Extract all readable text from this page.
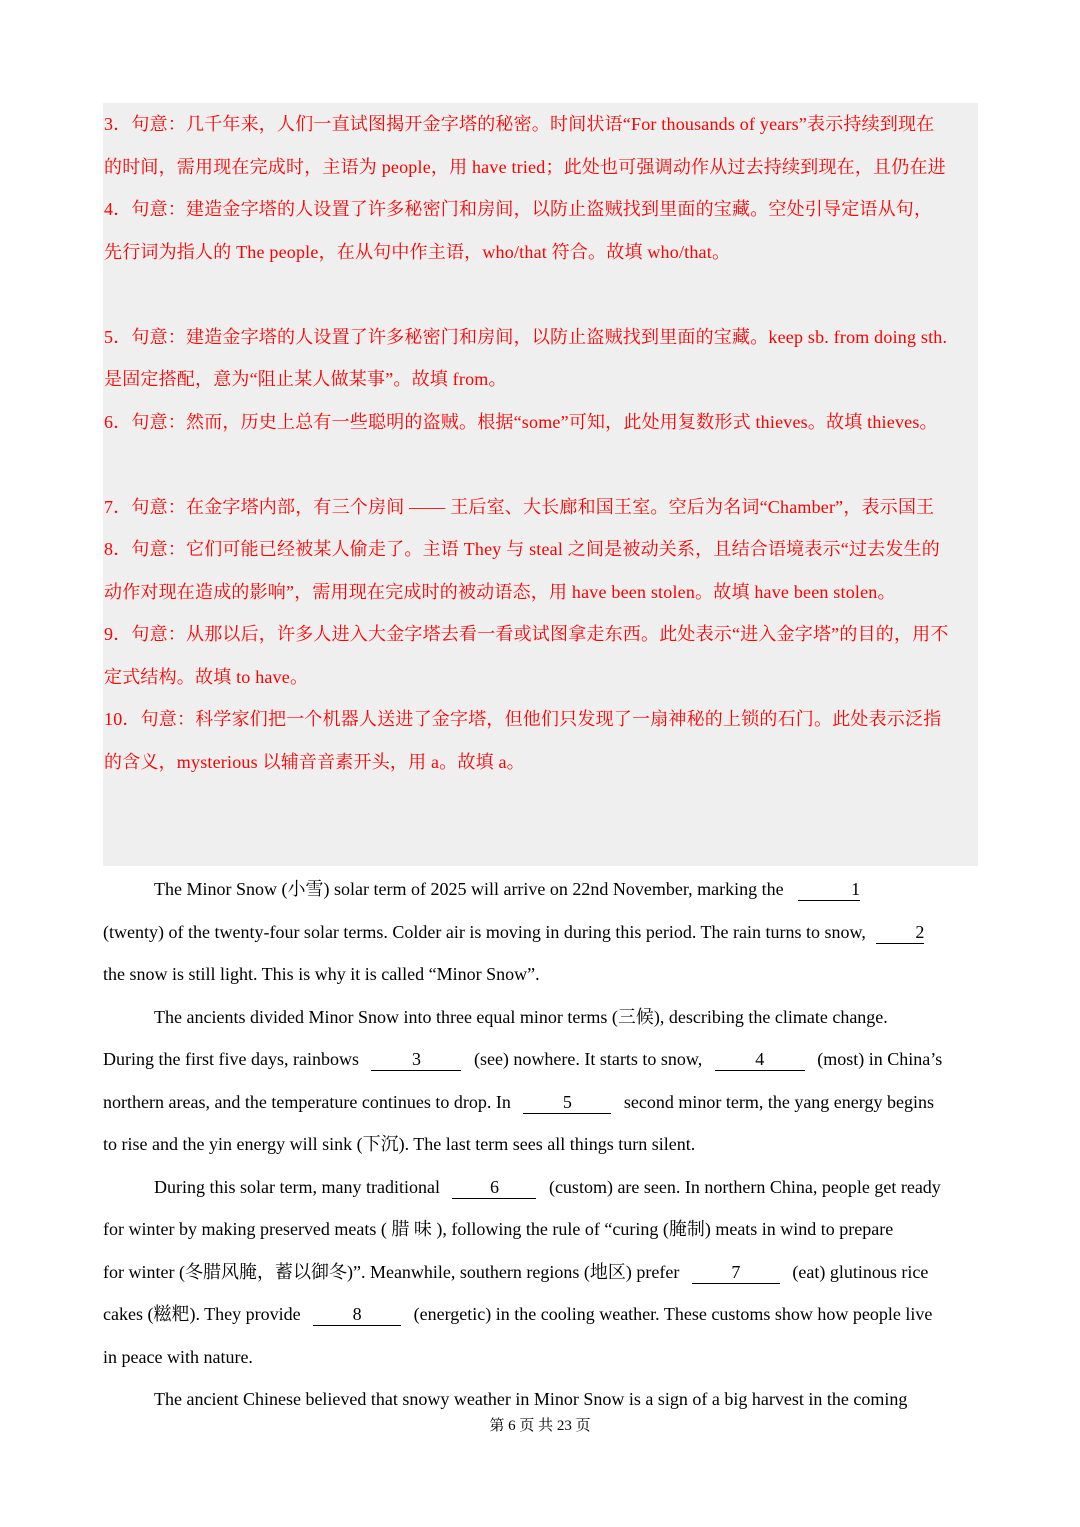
3．句意：几千年来，人们一直试图揭开金字塔的秘密。时间状语“For thousands of years”表示持续到现在
的时间，需用现在完成时，主语为 people，用 have tried；此处也可强调动作从过去持续到现在，且仍在进
4．句意：建造金字塔的人设置了许多秘密门和房间，以防止盗贼找到里面的宝藏。空处引导定语从句，
先行词为指人的 The people，在从句中作主语，who/that 符合。故填 who/that。
5．句意：建造金字塔的人设置了许多秘密门和房间，以防止盗贼找到里面的宝藏。keep sb. from doing sth.
是固定搭配，意为“阻止某人做某事”。故填 from。
6．句意：然而，历史上总有一些聪明的盗贼。根据“some”可知，此处用复数形式 thieves。故填 thieves。
7．句意：在金字塔内部，有三个房间 —— 王后室、大长廊和国王室。空后为名词“Chamber”，表示国王
8．句意：它们可能已经被某人偷走了。主语 They 与 steal 之间是被动关系，且结合语境表示“过去发生的
动作对现在造成的影响”，需用现在完成时的被动语态，用 have been stolen。故填 have been stolen。
9．句意：从那以后，许多人进入大金字塔去看一看或试图拿走东西。此处表示“进入金字塔”的目的，用不
定式结构。故填 to have。
10．句意：科学家们把一个机器人送进了金字塔，但他们只发现了一扇神秘的上锁的石门。此处表示泛指
的含义，mysterious 以辅音音素开头，用 a。故填 a。
The Minor Snow (小雪) solar term of 2025 will arrive on 22nd November, marking the	1
(twenty) of the twenty-four solar terms. Colder air is moving in during this period. The rain turns to snow,	2
the snow is still light. This is why it is called “Minor Snow”.
The ancients divided Minor Snow into three equal minor terms (三候), describing the climate change.
During the first five days, rainbows	3	(see) nowhere. It starts to snow,	4	(most) in China’s
northern areas, and the temperature continues to drop. In	5	second minor term, the yang energy begins
to rise and the yin energy will sink (下沉). The last term sees all things turn silent.
During this solar term, many traditional	6	(custom) are seen. In northern China, people get ready
for winter by making preserved meats ( 腊 味 ), following the rule of “curing (腌制) meats in wind to prepare
for winter (冬腊风腌，蓄以御冬)”. Meanwhile, southern regions (地区) prefer	7	(eat) glutinous rice
cakes (糍粑). They provide	8	(energetic) in the cooling weather. These customs show how people live
in peace with nature.
The ancient Chinese believed that snowy weather in Minor Snow is a sign of a big harvest in the coming
第 6 页 共 23 页
